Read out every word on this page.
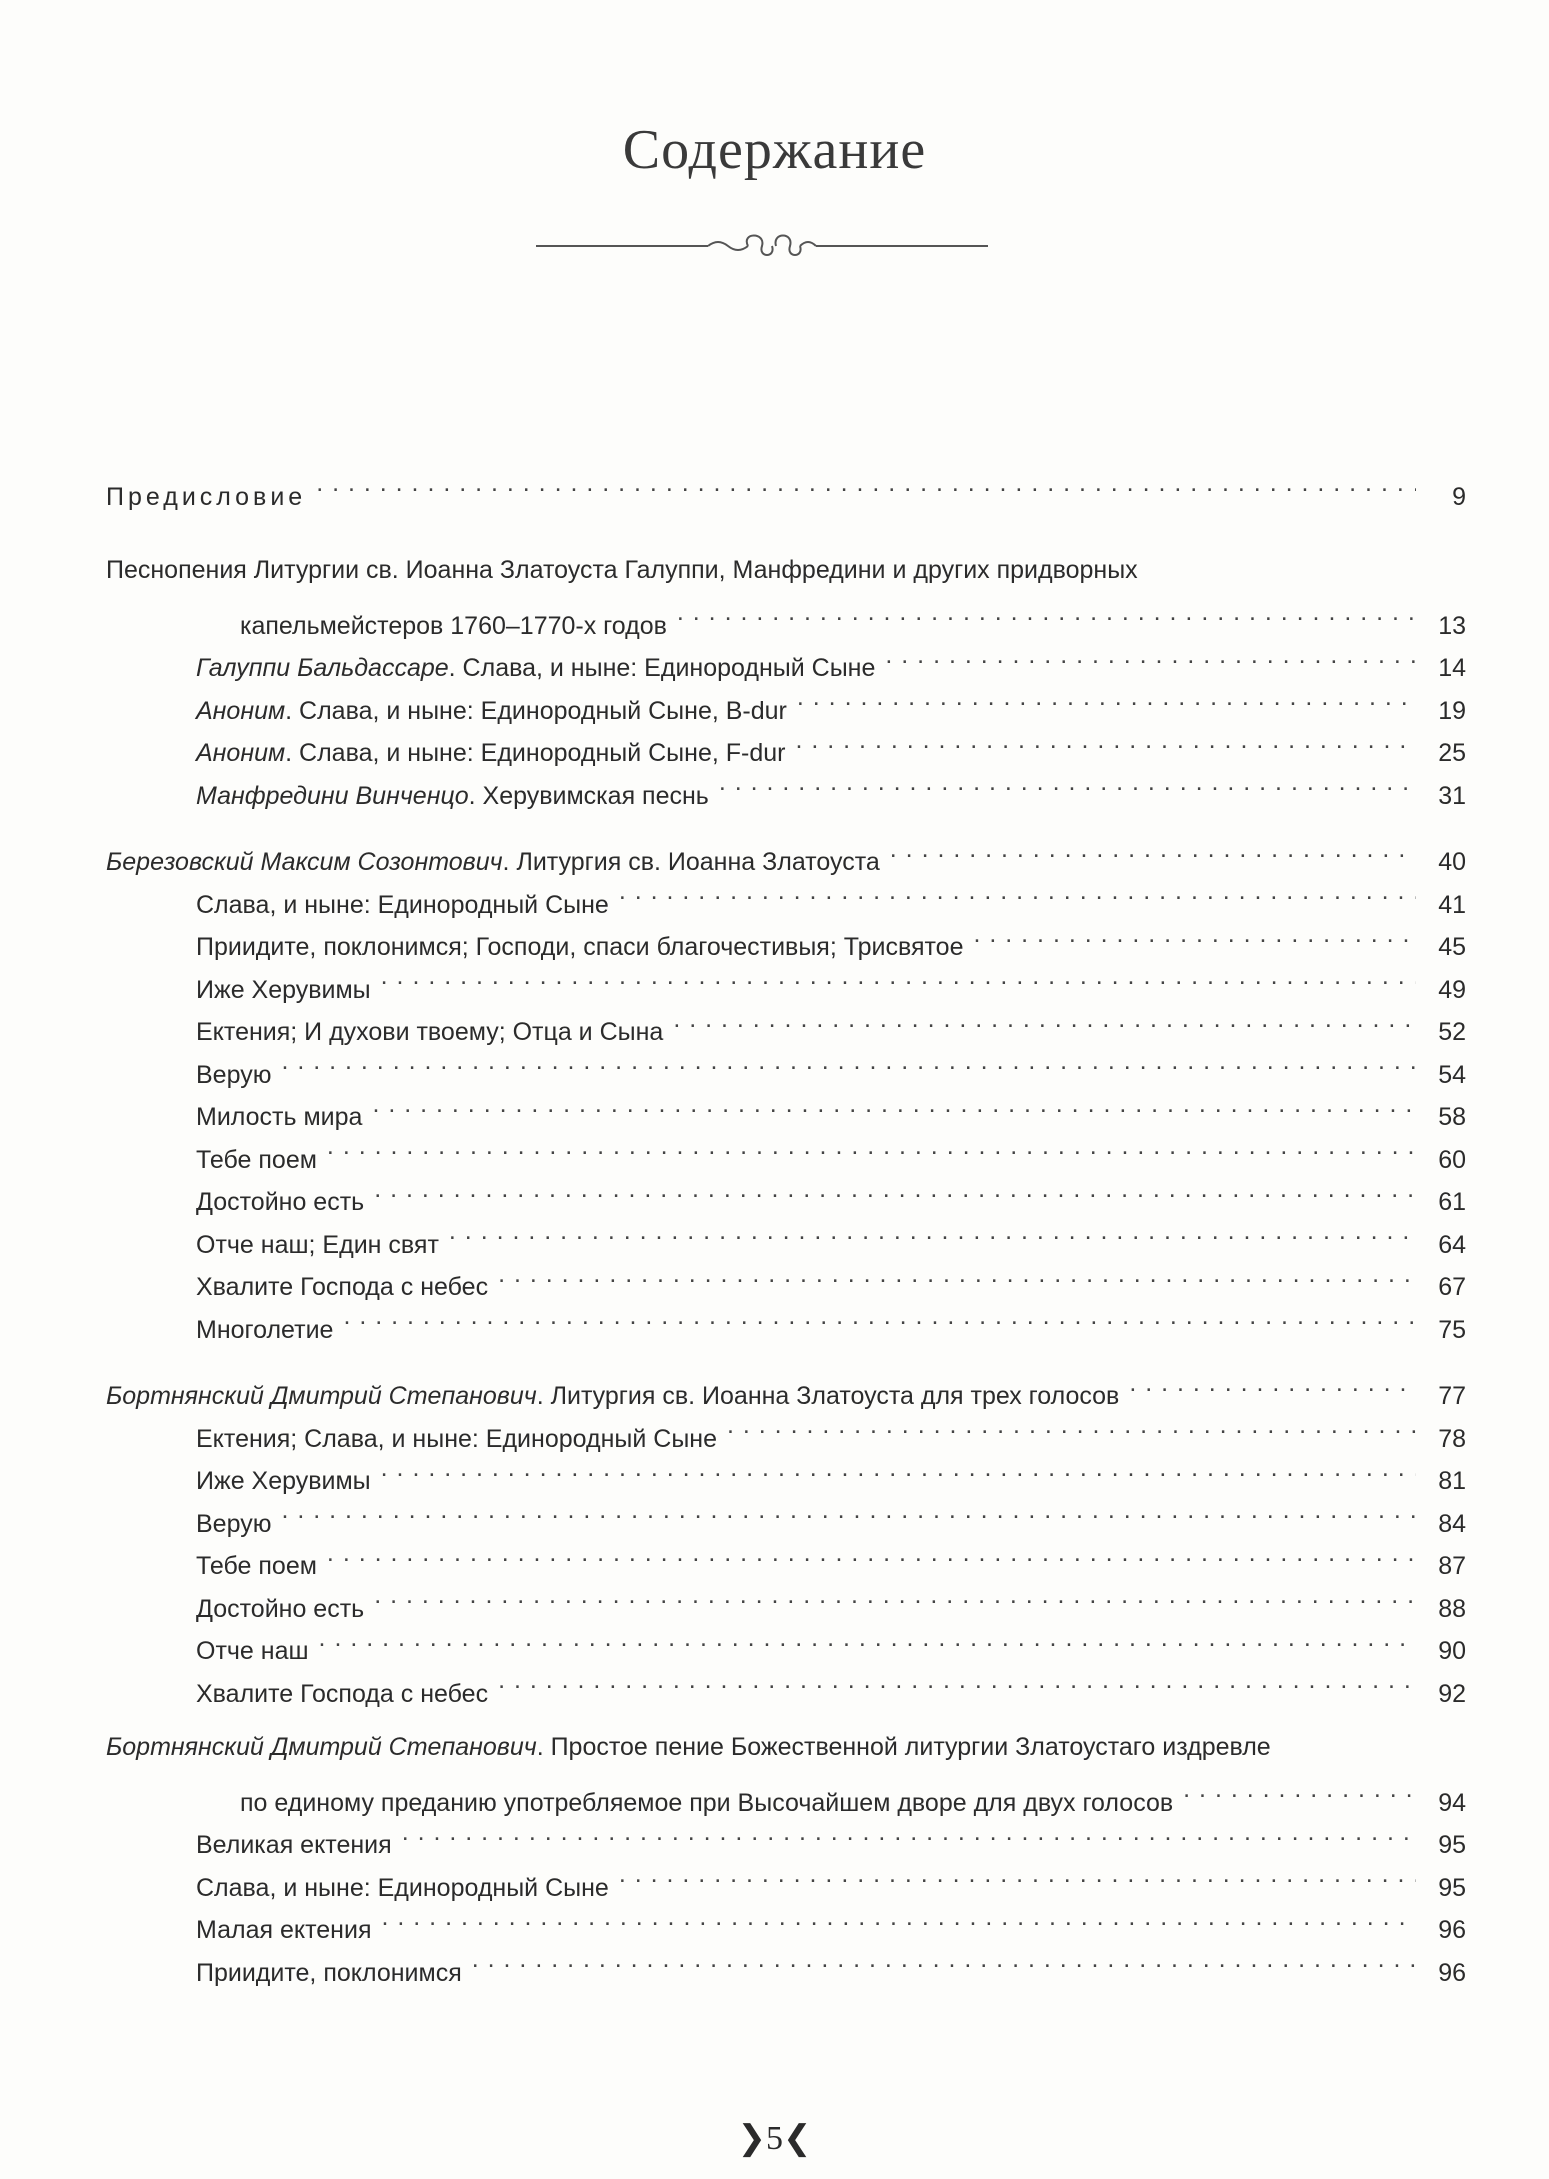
Содержание
Предисловие . . .	9
Песнопения Литургии св. Иоанна Златоуста Галуппи, Манфредини и других придворных
капельмейстеров 1760–1770-х годов . . .	13
Галуппи Бальдассаре. Слава, и ныне: Единородный Сыне . . .	14
Аноним. Слава, и ныне: Единородный Сыне, B-dur . . .	19
Аноним. Слава, и ныне: Единородный Сыне, F-dur . . .	25
Манфредини Винченцо. Херувимская песнь . . .	31
Березовский Максим Созонтович. Литургия св. Иоанна Златоуста . . .	40
Слава, и ныне: Единородный Сыне . . .	41
Приидите, поклонимся; Господи, спаси благочестивыя; Трисвятое . . .	45
Иже Херувимы . . .	49
Ектения; И духови твоему; Отца и Сына . . .	52
Верую . . .	54
Милость мира . . .	58
Тебе поем . . .	60
Достойно есть . . .	61
Отче наш; Един свят . . .	64
Хвалите Господа с небес . . .	67
Многолетие . . .	75
Бортнянский Дмитрий Степанович. Литургия св. Иоанна Златоуста для трех голосов . . .	77
Ектения; Слава, и ныне: Единородный Сыне . . .	78
Иже Херувимы . . .	81
Верую . . .	84
Тебе поем . . .	87
Достойно есть . . .	88
Отче наш . . .	90
Хвалите Господа с небес . . .	92
Бортнянский Дмитрий Степанович. Простое пение Божественной литургии Златоустаго издревле
по единому преданию употребляемое при Высочайшем дворе для двух голосов . . .	94
Великая ектения . . .	95
Слава, и ныне: Единородный Сыне . . .	95
Малая ектения . . .	96
Приидите, поклонимся . . .	96
❯5❮
